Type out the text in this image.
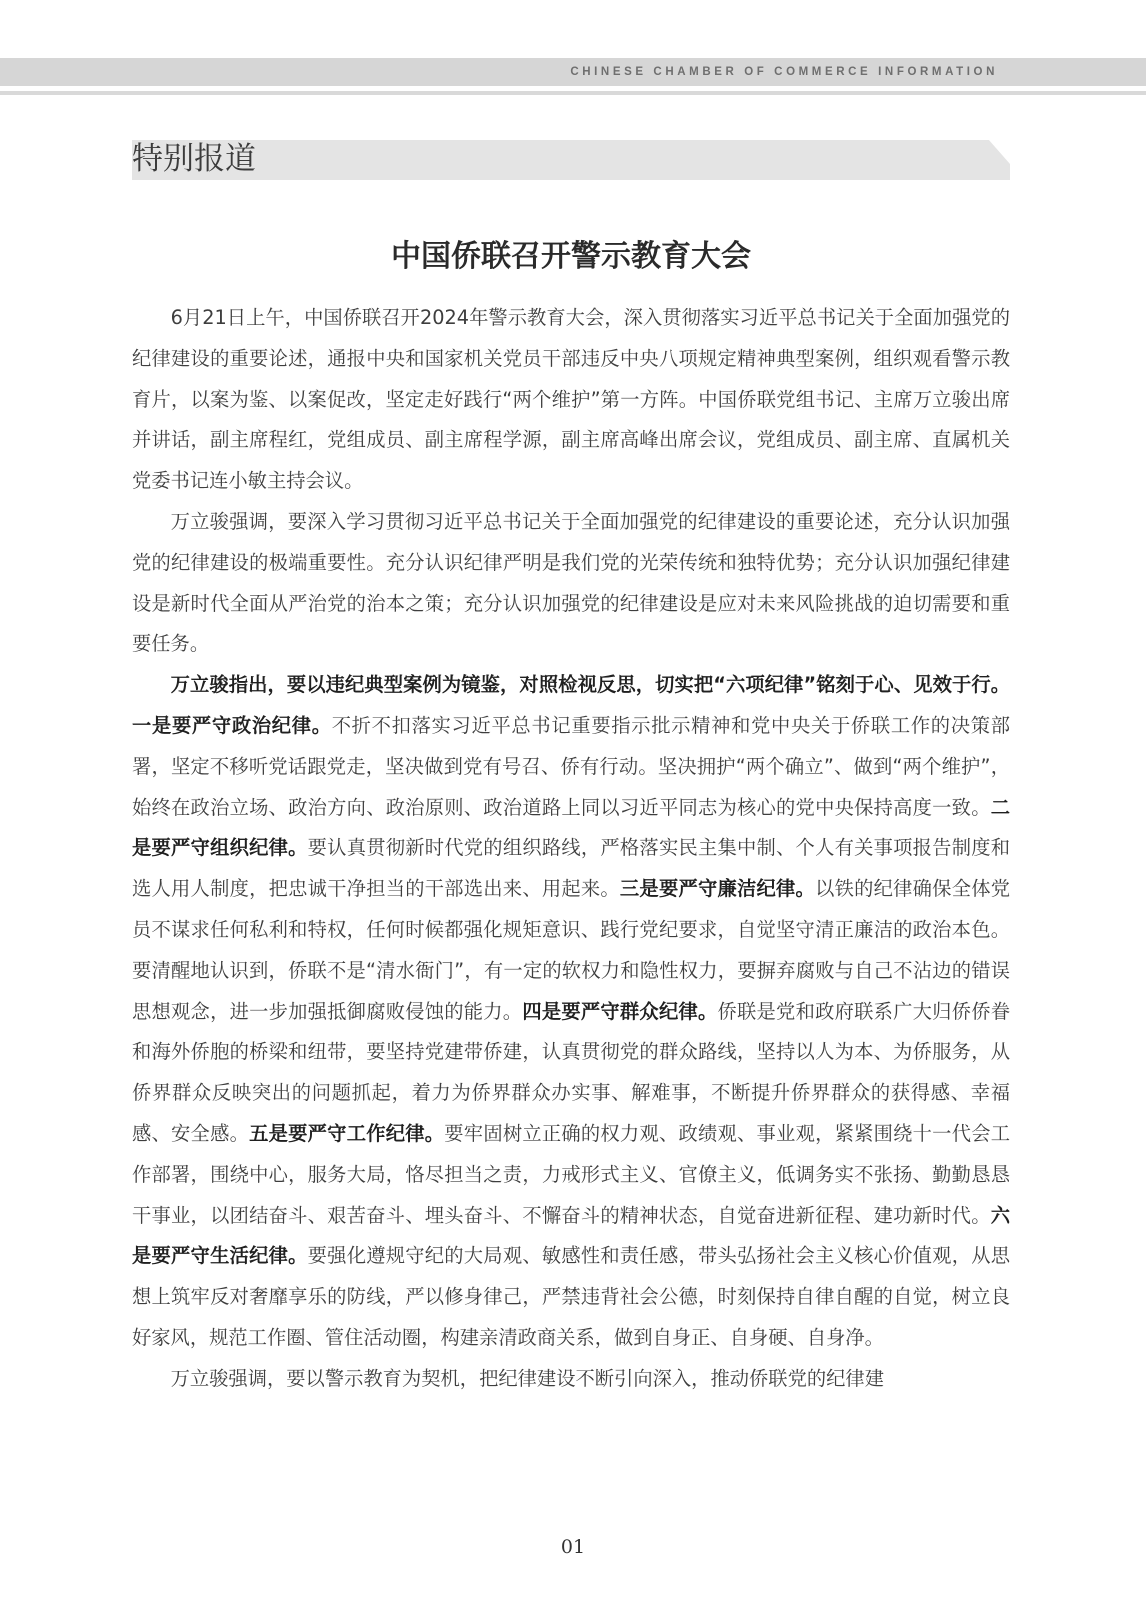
CHINESE CHAMBER OF COMMERCE INFORMATION
特别报道
中国侨联召开警示教育大会

6月21日上午，中国侨联召开2024年警示教育大会，深入贯彻落实习近平总书记关于全面加强党的纪律建设的重要论述，通报中央和国家机关党员干部违反中央八项规定精神典型案例，组织观看警示教育片，以案为鉴、以案促改，坚定走好践行“两个维护”第一方阵。中国侨联党组书记、主席万立骏出席并讲话，副主席程红，党组成员、副主席程学源，副主席高峰出席会议，党组成员、副主席、直属机关党委书记连小敏主持会议。

万立骏强调，要深入学习贯彻习近平总书记关于全面加强党的纪律建设的重要论述，充分认识加强党的纪律建设的极端重要性。充分认识纪律严明是我们党的光荣传统和独特优势；充分认识加强纪律建设是新时代全面从严治党的治本之策；充分认识加强党的纪律建设是应对未来风险挑战的迫切需要和重要任务。

万立骏指出，要以违纪典型案例为镜鉴，对照检视反思，切实把“六项纪律”铭刻于心、见效于行。一是要严守政治纪律。不折不扣落实习近平总书记重要指示批示精神和党中央关于侨联工作的决策部署，坚定不移听党话跟党走，坚决做到党有号召、侨有行动。坚决拥护“两个确立”、做到“两个维护”，始终在政治立场、政治方向、政治原则、政治道路上同以习近平同志为核心的党中央保持高度一致。二是要严守组织纪律。要认真贯彻新时代党的组织路线，严格落实民主集中制、个人有关事项报告制度和选人用人制度，把忠诚干净担当的干部选出来、用起来。三是要严守廉洁纪律。以铁的纪律确保全体党员不谋求任何私利和特权，任何时候都强化规矩意识、践行党纪要求，自觉坚守清正廉洁的政治本色。要清醒地认识到，侨联不是“清水衙门”，有一定的软权力和隐性权力，要摒弃腐败与自己不沾边的错误思想观念，进一步加强抵御腐败侵蚀的能力。四是要严守群众纪律。侨联是党和政府联系广大归侨侨眷和海外侨胞的桥梁和纽带，要坚持党建带侨建，认真贯彻党的群众路线，坚持以人为本、为侨服务，从侨界群众反映突出的问题抓起，着力为侨界群众办实事、解难事，不断提升侨界群众的获得感、幸福感、安全感。五是要严守工作纪律。要牢固树立正确的权力观、政绩观、事业观，紧紧围绕十一代会工作部署，围绕中心，服务大局，恪尽担当之责，力戒形式主义、官僚主义，低调务实不张扬、勤勤恳恳干事业，以团结奋斗、艰苦奋斗、埋头奋斗、不懈奋斗的精神状态，自觉奋进新征程、建功新时代。六是要严守生活纪律。要强化遵规守纪的大局观、敏感性和责任感，带头弘扬社会主义核心价值观，从思想上筑牢反对奢靡享乐的防线，严以修身律己，严禁违背社会公德，时刻保持自律自醒的自觉，树立良好家风，规范工作圈、管住活动圈，构建亲清政商关系，做到自身正、自身硬、自身净。

万立骏强调，要以警示教育为契机，把纪律建设不断引向深入，推动侨联党的纪律建

01
